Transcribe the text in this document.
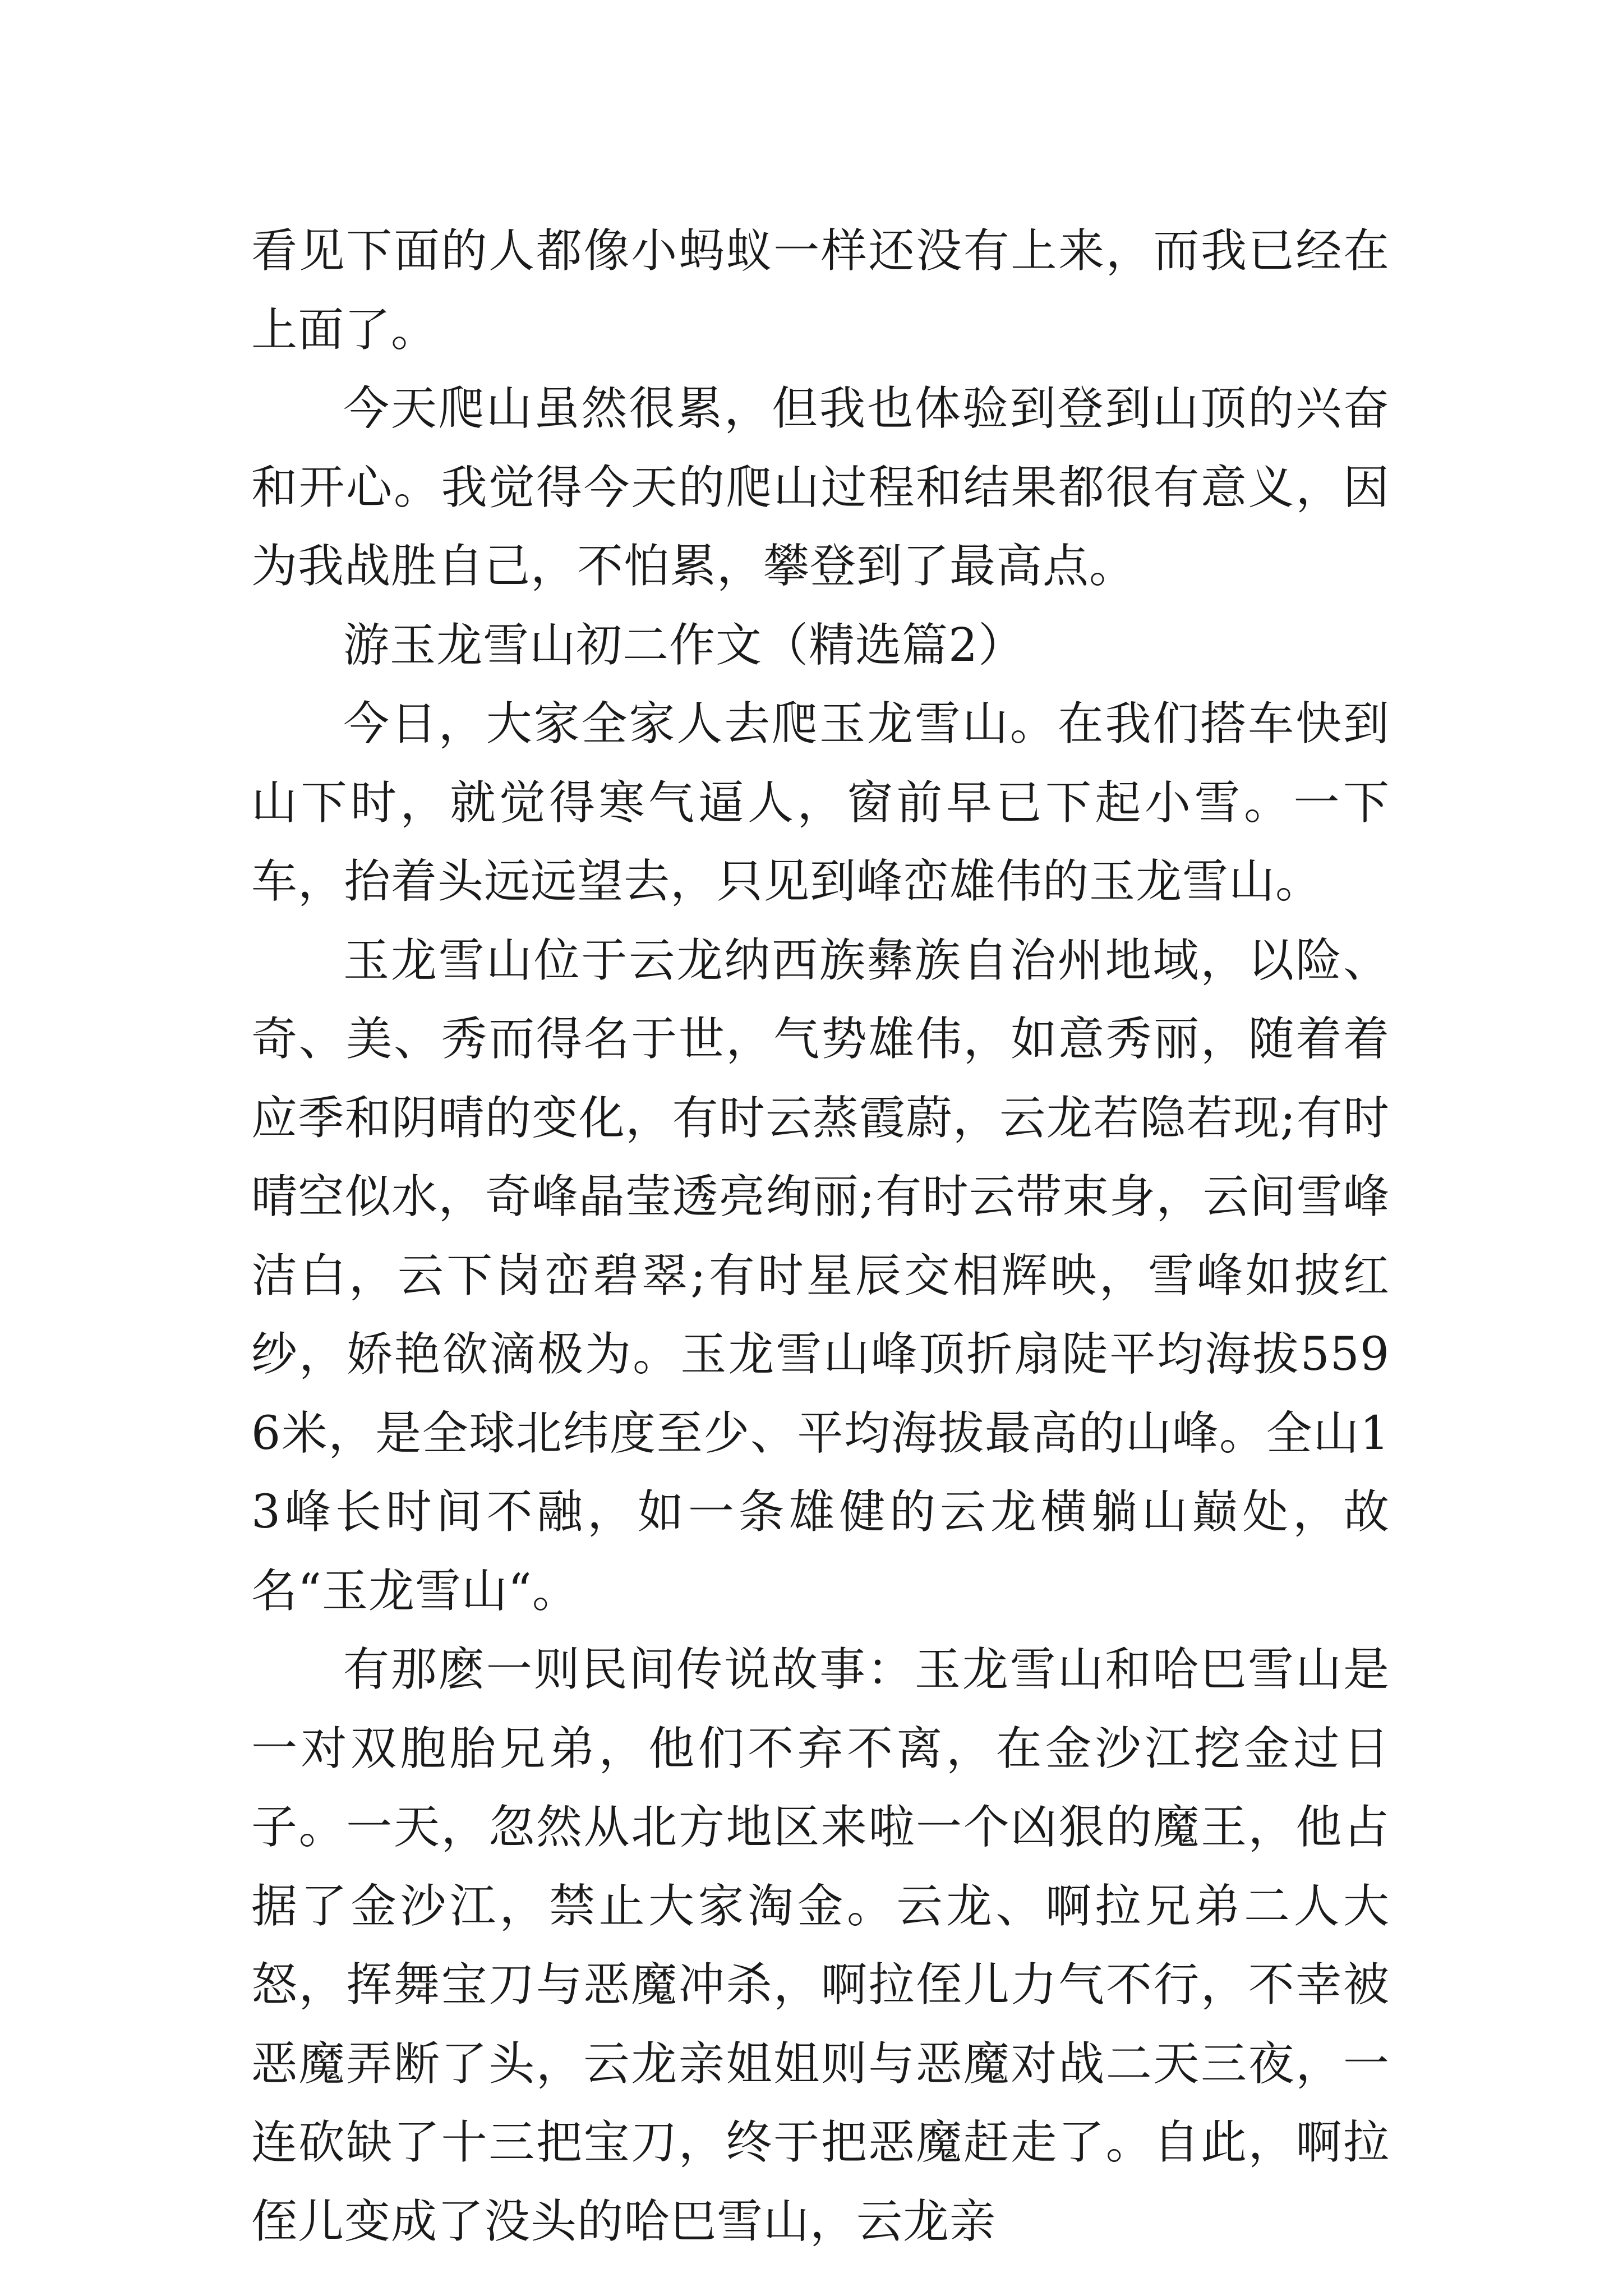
看见下面的人都像小蚂蚁一样还没有上来，而我已经在上面了。

今天爬山虽然很累，但我也体验到登到山顶的兴奋和开心。我觉得今天的爬山过程和结果都很有意义，因为我战胜自己，不怕累，攀登到了最高点。

游玉龙雪山初二作文（精选篇2）

今日，大家全家人去爬玉龙雪山。在我们搭车快到山下时，就觉得寒气逼人，窗前早已下起小雪。一下车，抬着头远远望去，只见到峰峦雄伟的玉龙雪山。

玉龙雪山位于云龙纳西族彝族自治州地域，以险、奇、美、秀而得名于世，气势雄伟，如意秀丽，随着着应季和阴晴的变化，有时云蒸霞蔚，云龙若隐若现;有时晴空似水，奇峰晶莹透亮绚丽;有时云带束身，云间雪峰洁白，云下岗峦碧翠;有时星辰交相辉映，雪峰如披红纱，娇艳欲滴极为。玉龙雪山峰顶折扇陡平均海拔5596米，是全球北纬度至少、平均海拔最高的山峰。全山13峰长时间不融，如一条雄健的云龙横躺山巅处，故名“玉龙雪山“。

有那麽一则民间传说故事：玉龙雪山和哈巴雪山是一对双胞胎兄弟，他们不弃不离，在金沙江挖金过日子。一天，忽然从北方地区来啦一个凶狠的魔王，他占据了金沙江，禁止大家淘金。云龙、啊拉兄弟二人大怒，挥舞宝刀与恶魔冲杀，啊拉侄儿力气不行，不幸被恶魔弄断了头，云龙亲姐姐则与恶魔对战二天三夜，一连砍缺了十三把宝刀，终于把恶魔赶走了。自此，啊拉侄儿变成了没头的哈巴雪山，云龙亲
